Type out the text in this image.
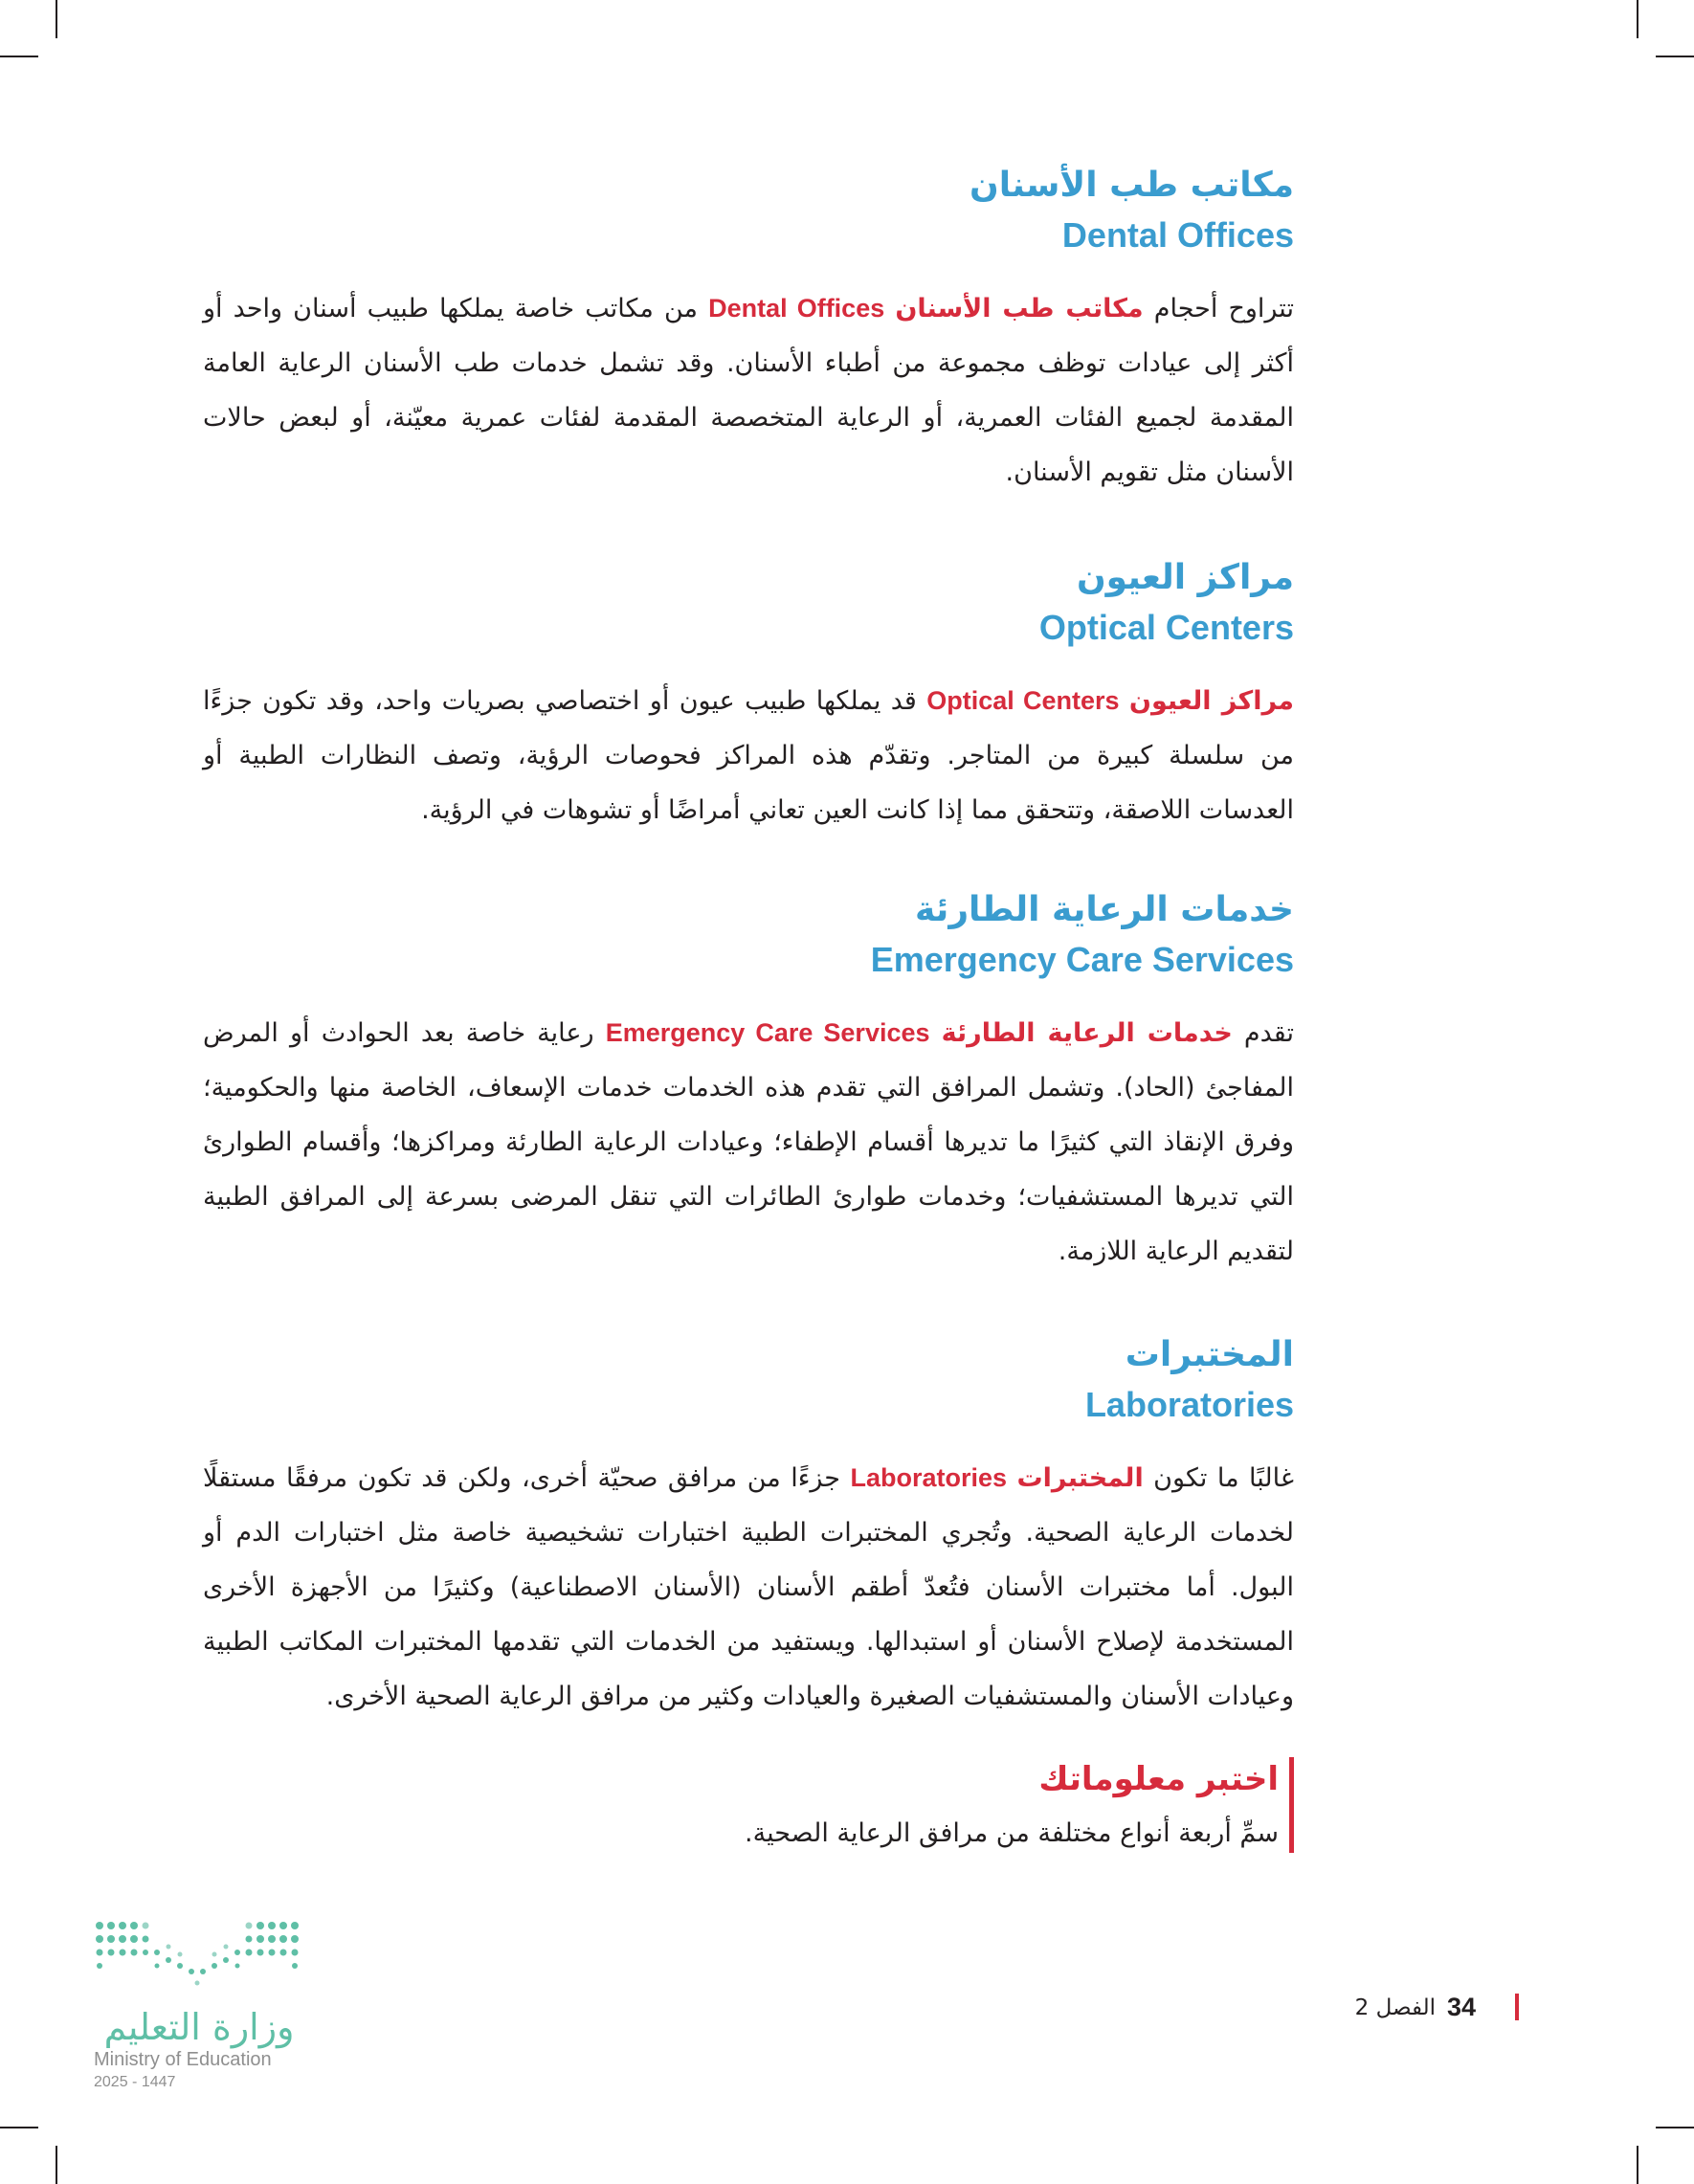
مكاتب طب الأسنان
Dental Offices

تتراوح أحجام مكاتب طب الأسنان Dental Offices من مكاتب خاصة يملكها طبيب أسنان واحد أو أكثر إلى عيادات توظف مجموعة من أطباء الأسنان. وقد تشمل خدمات طب الأسنان الرعاية العامة المقدمة لجميع الفئات العمرية، أو الرعاية المتخصصة المقدمة لفئات عمرية معيّنة، أو لبعض حالات الأسنان مثل تقويم الأسنان.

مراكز العيون
Optical Centers

مراكز العيون Optical Centers قد يملكها طبيب عيون أو اختصاصي بصريات واحد، وقد تكون جزءًا من سلسلة كبيرة من المتاجر. وتقدّم هذه المراكز فحوصات الرؤية، وتصف النظارات الطبية أو العدسات اللاصقة، وتتحقق مما إذا كانت العين تعاني أمراضًا أو تشوهات في الرؤية.

خدمات الرعاية الطارئة
Emergency Care Services

تقدم خدمات الرعاية الطارئة Emergency Care Services رعاية خاصة بعد الحوادث أو المرض المفاجئ (الحاد). وتشمل المرافق التي تقدم هذه الخدمات خدمات الإسعاف، الخاصة منها والحكومية؛ وفرق الإنقاذ التي كثيرًا ما تديرها أقسام الإطفاء؛ وعيادات الرعاية الطارئة ومراكزها؛ وأقسام الطوارئ التي تديرها المستشفيات؛ وخدمات طوارئ الطائرات التي تنقل المرضى بسرعة إلى المرافق الطبية لتقديم الرعاية اللازمة.

المختبرات
Laboratories

غالبًا ما تكون المختبرات Laboratories جزءًا من مرافق صحيّة أخرى، ولكن قد تكون مرفقًا مستقلًا لخدمات الرعاية الصحية. وتُجري المختبرات الطبية اختبارات تشخيصية خاصة مثل اختبارات الدم أو البول. أما مختبرات الأسنان فتُعدّ أطقم الأسنان (الأسنان الاصطناعية) وكثيرًا من الأجهزة الأخرى المستخدمة لإصلاح الأسنان أو استبدالها. ويستفيد من الخدمات التي تقدمها المختبرات المكاتب الطبية وعيادات الأسنان والمستشفيات الصغيرة والعيادات وكثير من مرافق الرعاية الصحية الأخرى.

اختبر معلوماتك
سمِّ أربعة أنواع مختلفة من مرافق الرعاية الصحية.
وزارة التعليم
Ministry of Education
2025 - 1447
34
الفصل 2
